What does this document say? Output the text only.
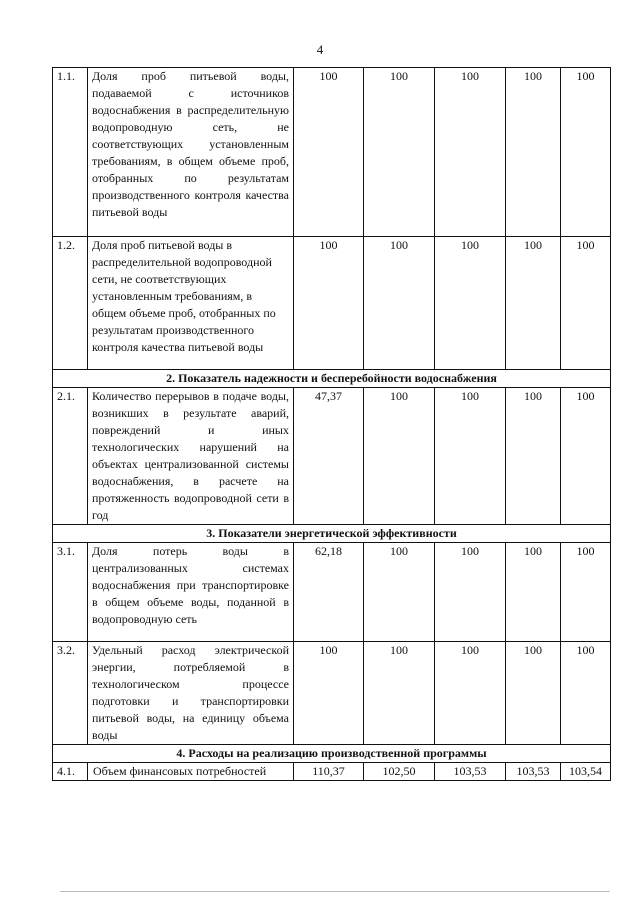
4
1.1.	Доля проб питьевой воды, подаваемой с источников водоснабжения в распределительную водопроводную сеть, не соответствующих установленным требованиям, в общем объеме проб, отобранных по результатам производственного контроля качества питьевой воды	100	100	100	100	100
1.2.	Доля проб питьевой воды в распределительной водопроводной сети, не соответствующих установленным требованиям, в общем объеме проб, отобранных по результатам производственного контроля качества питьевой воды	100	100	100	100	100
2. Показатель надежности и бесперебойности водоснабжения						
2.1.	Количество перерывов в подаче воды, возникших в результате аварий, повреждений и иных технологических нарушений на объектах централизованной системы водоснабжения, в расчете на протяженность водопроводной сети в год	47,37	100	100	100	100
3. Показатели энергетической эффективности						
3.1.	Доля потерь воды в централизованных системах водоснабжения при транспортировке в общем объеме воды, поданной в водопроводную сеть	62,18	100	100	100	100
3.2.	Удельный расход электрической энергии, потребляемой в технологическом процессе подготовки и транспортировки питьевой воды, на единицу объема воды	100	100	100	100	100
4. Расходы на реализацию производственной программы						
4.1.	Объем финансовых потребностей	110,37	102,50	103,53	103,53	103,54
